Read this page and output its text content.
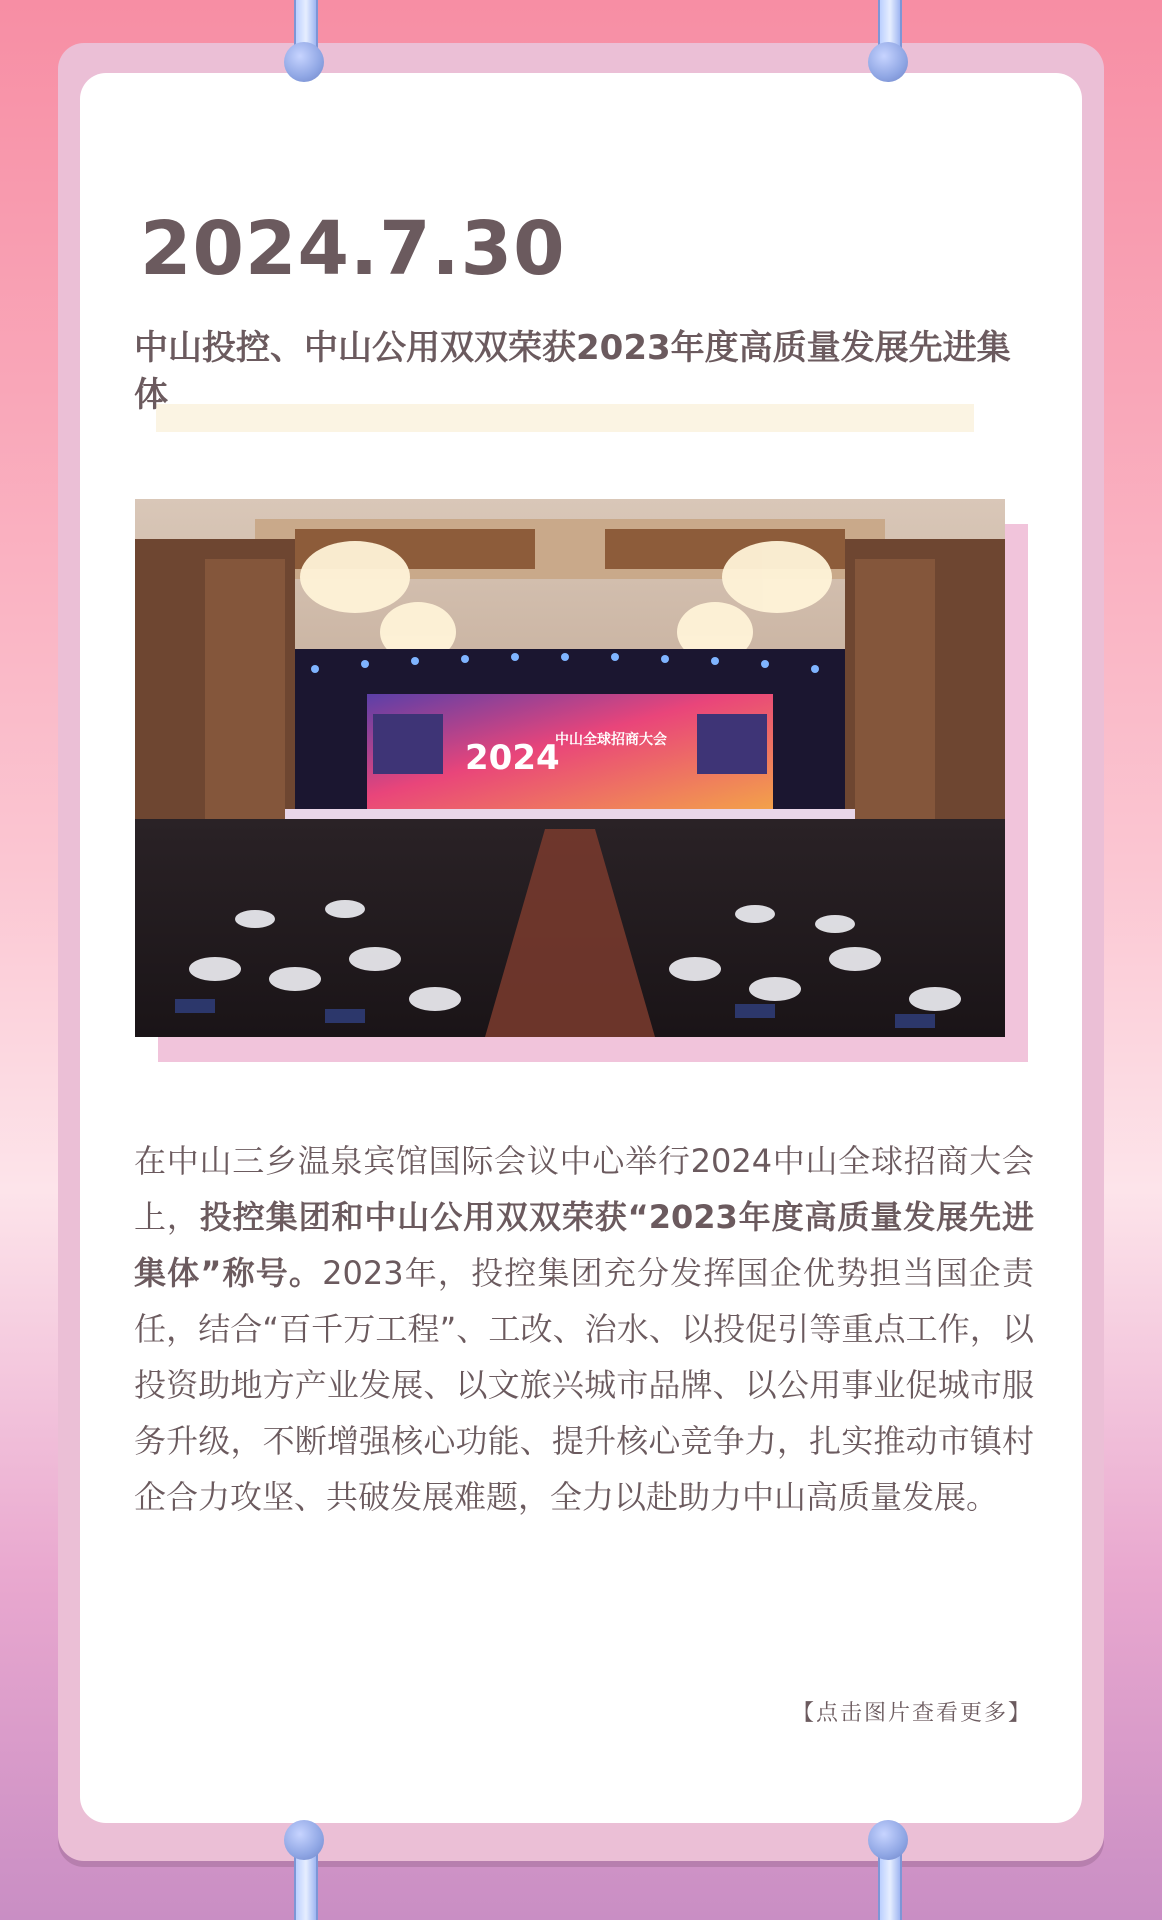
2024.7.30
中山投控、中山公用双双荣获2023年度高质量发展先进集体
2024
中山全球招商大会

在中山三乡温泉宾馆国际会议中心举行2024中山全球招商大会上，投控集团和中山公用双双荣获“2023年度高质量发展先进集体”称号。2023年，投控集团充分发挥国企优势担当国企责任，结合“百千万工程”、工改、治水、以投促引等重点工作，以投资助地方产业发展、以文旅兴城市品牌、以公用事业促城市服务升级，不断增强核心功能、提升核心竞争力，扎实推动市镇村企合力攻坚、共破发展难题，全力以赴助力中山高质量发展。

【点击图片查看更多】
